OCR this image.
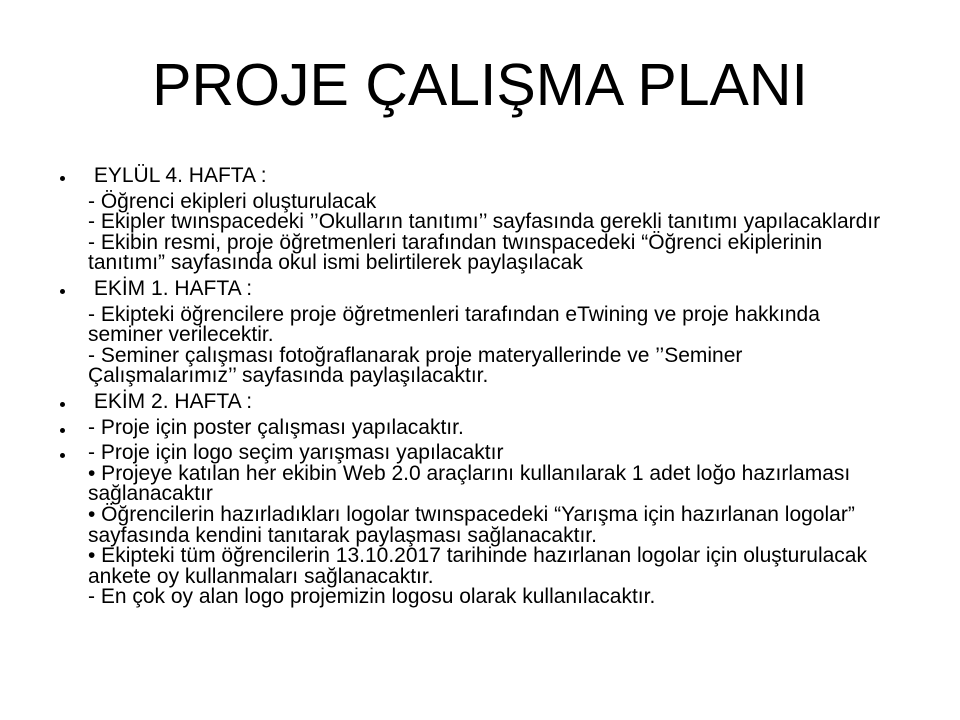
PROJE ÇALIŞMA PLANI
EYLÜL 4. HAFTA :
- Öğrenci ekipleri oluşturulacak
- Ekipler twınspacedeki ’’Okulların tanıtımı’’ sayfasında gerekli tanıtımı yapılacaklardır
- Ekibin resmi, proje öğretmenleri tarafından twınspacedeki “Öğrenci ekiplerinin
tanıtımı” sayfasında okul ismi belirtilerek paylaşılacak
EKİM 1. HAFTA :
- Ekipteki öğrencilere proje öğretmenleri tarafından eTwining ve proje hakkında
seminer verilecektir.
- Seminer çalışması fotoğraflanarak proje materyallerinde ve ’’Seminer
Çalışmalarımız’’ sayfasında paylaşılacaktır.
EKİM 2. HAFTA :
- Proje için poster çalışması yapılacaktır.
- Proje için logo seçim yarışması yapılacaktır
• Projeye katılan her ekibin Web 2.0 araçlarını kullanılarak 1 adet loğo hazırlaması
sağlanacaktır
• Öğrencilerin hazırladıkları logolar twınspacedeki “Yarışma için hazırlanan logolar”
sayfasında kendini tanıtarak paylaşması sağlanacaktır.
• Ekipteki tüm öğrencilerin 13.10.2017 tarihinde hazırlanan logolar için oluşturulacak
ankete oy kullanmaları sağlanacaktır.
- En çok oy alan logo projemizin logosu olarak kullanılacaktır.
